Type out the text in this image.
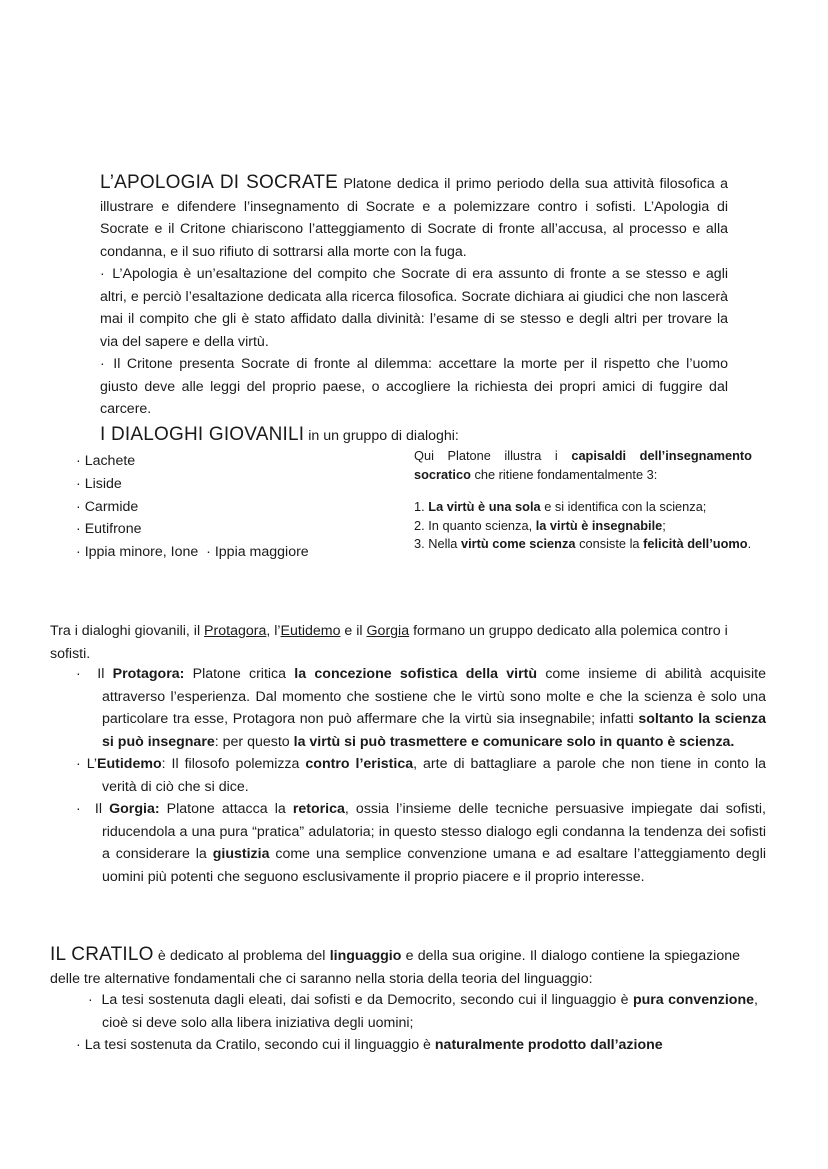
L’APOLOGIA DI SOCRATE Platone dedica il primo periodo della sua attività filosofica a illustrare e difendere l’insegnamento di Socrate e a polemizzare contro i sofisti. L’Apologia di Socrate e il Critone chiariscono l’atteggiamento di Socrate di fronte all’accusa, al processo e alla condanna, e il suo rifiuto di sottrarsi alla morte con la fuga.
· L’Apologia è un’esaltazione del compito che Socrate di era assunto di fronte a se stesso e agli altri, e perciò l’esaltazione dedicata alla ricerca filosofica. Socrate dichiara ai giudici che non lascerà mai il compito che gli è stato affidato dalla divinità: l’esame di se stesso e degli altri per trovare la via del sapere e della virtù.
· Il Critone presenta Socrate di fronte al dilemma: accettare la morte per il rispetto che l’uomo giusto deve alle leggi del proprio paese, o accogliere la richiesta dei propri amici di fuggire dal carcere.
I DIALOGHI GIOVANILI in un gruppo di dialoghi:
· Lachete
· Liside
· Carmide
· Eutifrone
· Ippia minore, Ione · Ippia maggiore
Qui Platone illustra i capisaldi dell’insegnamento socratico che ritiene fondamentalmente 3:
1. La virtù è una sola e si identifica con la scienza;
2. In quanto scienza, la virtù è insegnabile;
3. Nella virtù come scienza consiste la felicità dell’uomo.
Tra i dialoghi giovanili, il Protagora, l’Eutidemo e il Gorgia formano un gruppo dedicato alla polemica contro i sofisti.
· Il Protagora: Platone critica la concezione sofistica della virtù come insieme di abilità acquisite attraverso l’esperienza. Dal momento che sostiene che le virtù sono molte e che la scienza è solo una particolare tra esse, Protagora non può affermare che la virtù sia insegnabile; infatti soltanto la scienza si può insegnare: per questo la virtù si può trasmettere e comunicare solo in quanto è scienza.
· L’Eutidemo: Il filosofo polemizza contro l’eristica, arte di battagliare a parole che non tiene in conto la verità di ciò che si dice.
· Il Gorgia: Platone attacca la retorica, ossia l’insieme delle tecniche persuasive impiegate dai sofisti, riducendola a una pura “pratica” adulatoria; in questo stesso dialogo egli condanna la tendenza dei sofisti a considerare la giustizia come una semplice convenzione umana e ad esaltare l’atteggiamento degli uomini più potenti che seguono esclusivamente il proprio piacere e il proprio interesse.
IL CRATILO è dedicato al problema del linguaggio e della sua origine. Il dialogo contiene la spiegazione delle tre alternative fondamentali che ci saranno nella storia della teoria del linguaggio:
· La tesi sostenuta dagli eleati, dai sofisti e da Democrito, secondo cui il linguaggio è pura convenzione, cioè si deve solo alla libera iniziativa degli uomini;
· La tesi sostenuta da Cratilo, secondo cui il linguaggio è naturalmente prodotto dall’azione
